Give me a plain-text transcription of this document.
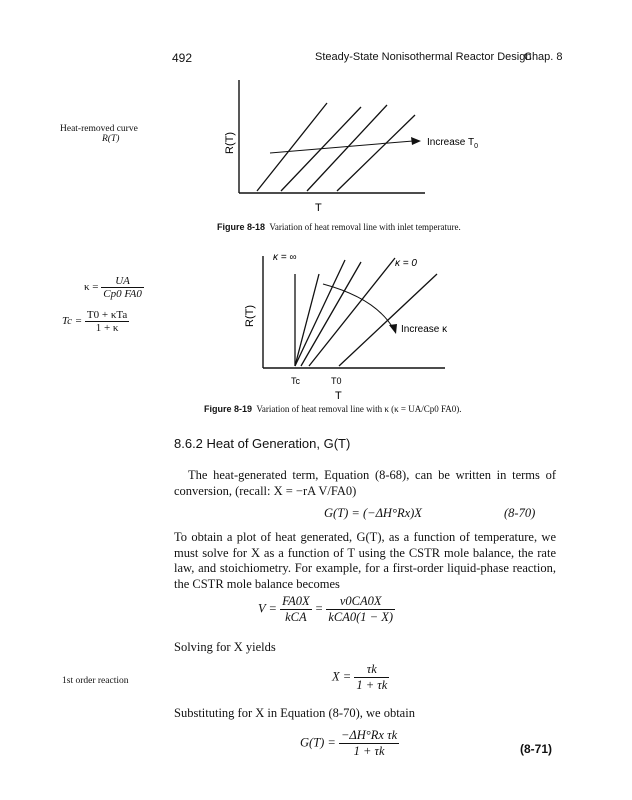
492	Steady-State Nonisothermal Reactor Design
Chap. 8
Heat-removed curve
R(T)
$\kappa = \frac{UA}{Cp0 FA0}$
$Tc = \frac{\text{T0 + κTa}}{1 + \kappa}$
1st order reaction
R(T)	Increase $T_0$
T
Figure 8-18 Variation of heat removal line with inlet temperature.
R(T)
κ = ∞
κ = 0
Increase κ
Tc	T0
T
Figure 8-19 Variation of heat removal line with κ (κ = UA/Cp0 FA0).
8.6.2 Heat of Generation, G(T)
The heat-generated term, Equation (8-68), can be written in terms of conversion, (recall: X = −rA V/FA0)
G(T) = (−ΔH°Rx)X	(8-70)
To obtain a plot of heat generated, G(T), as a function of temperature, we must solve for X as a function of T using the CSTR mole balance, the rate law, and stoichiometry. For example, for a first-order liquid-phase reaction, the CSTR mole balance becomes
$V = \frac{FA0X}{\text{kCA}} = \frac{v0CA0X}{\text{kCA0(1 − X)}}$
Solving for X yields
$X = \frac{\tau k}{1 + \tau k}$
Substituting for X in Equation (8-70), we obtain
$G(T) = \frac{\text{−ΔH°Rx τk}}{1 + \tau k}$	(8-71)
